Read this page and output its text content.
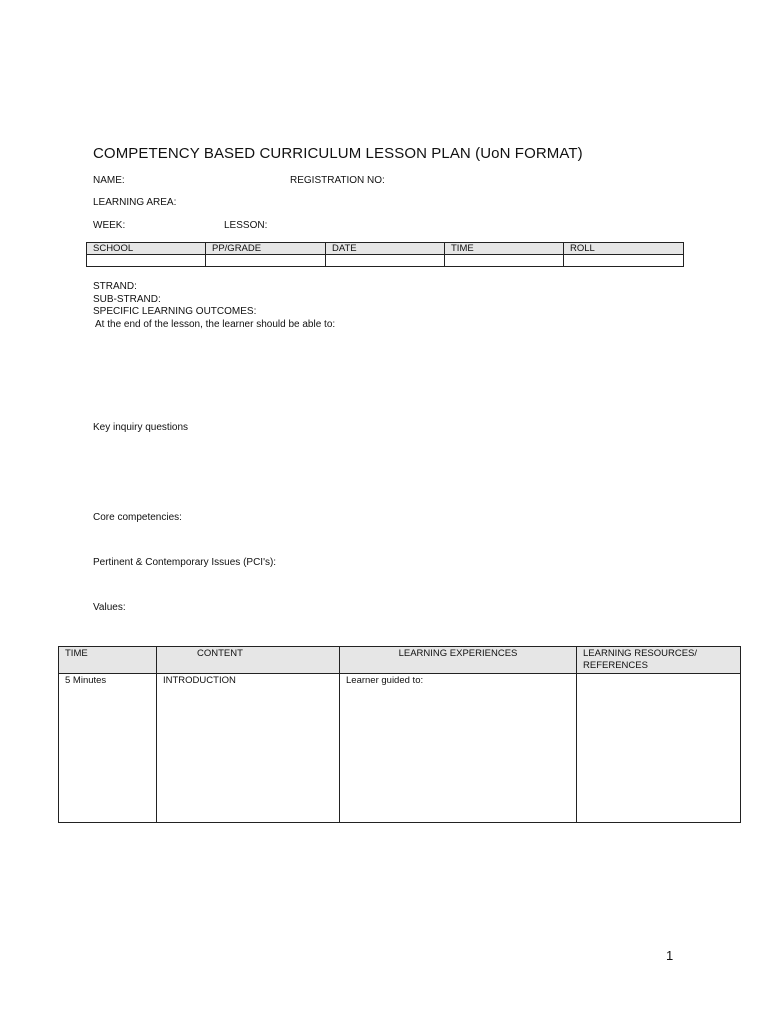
COMPETENCY BASED CURRICULUM LESSON PLAN (UoN FORMAT)
NAME:	REGISTRATION NO:
LEARNING AREA:
WEEK:	LESSON:
SCHOOL	PP/GRADE	DATE	TIME	ROLL

STRAND:
SUB-STRAND:
SPECIFIC LEARNING OUTCOMES:
At the end of the lesson, the learner should be able to:
Key inquiry questions
Core competencies:
Pertinent & Contemporary Issues (PCI's):
Values:
TIME	CONTENT	LEARNING EXPERIENCES	LEARNING RESOURCES/
REFERENCES

5 Minutes	INTRODUCTION	Learner guided to:	
1
